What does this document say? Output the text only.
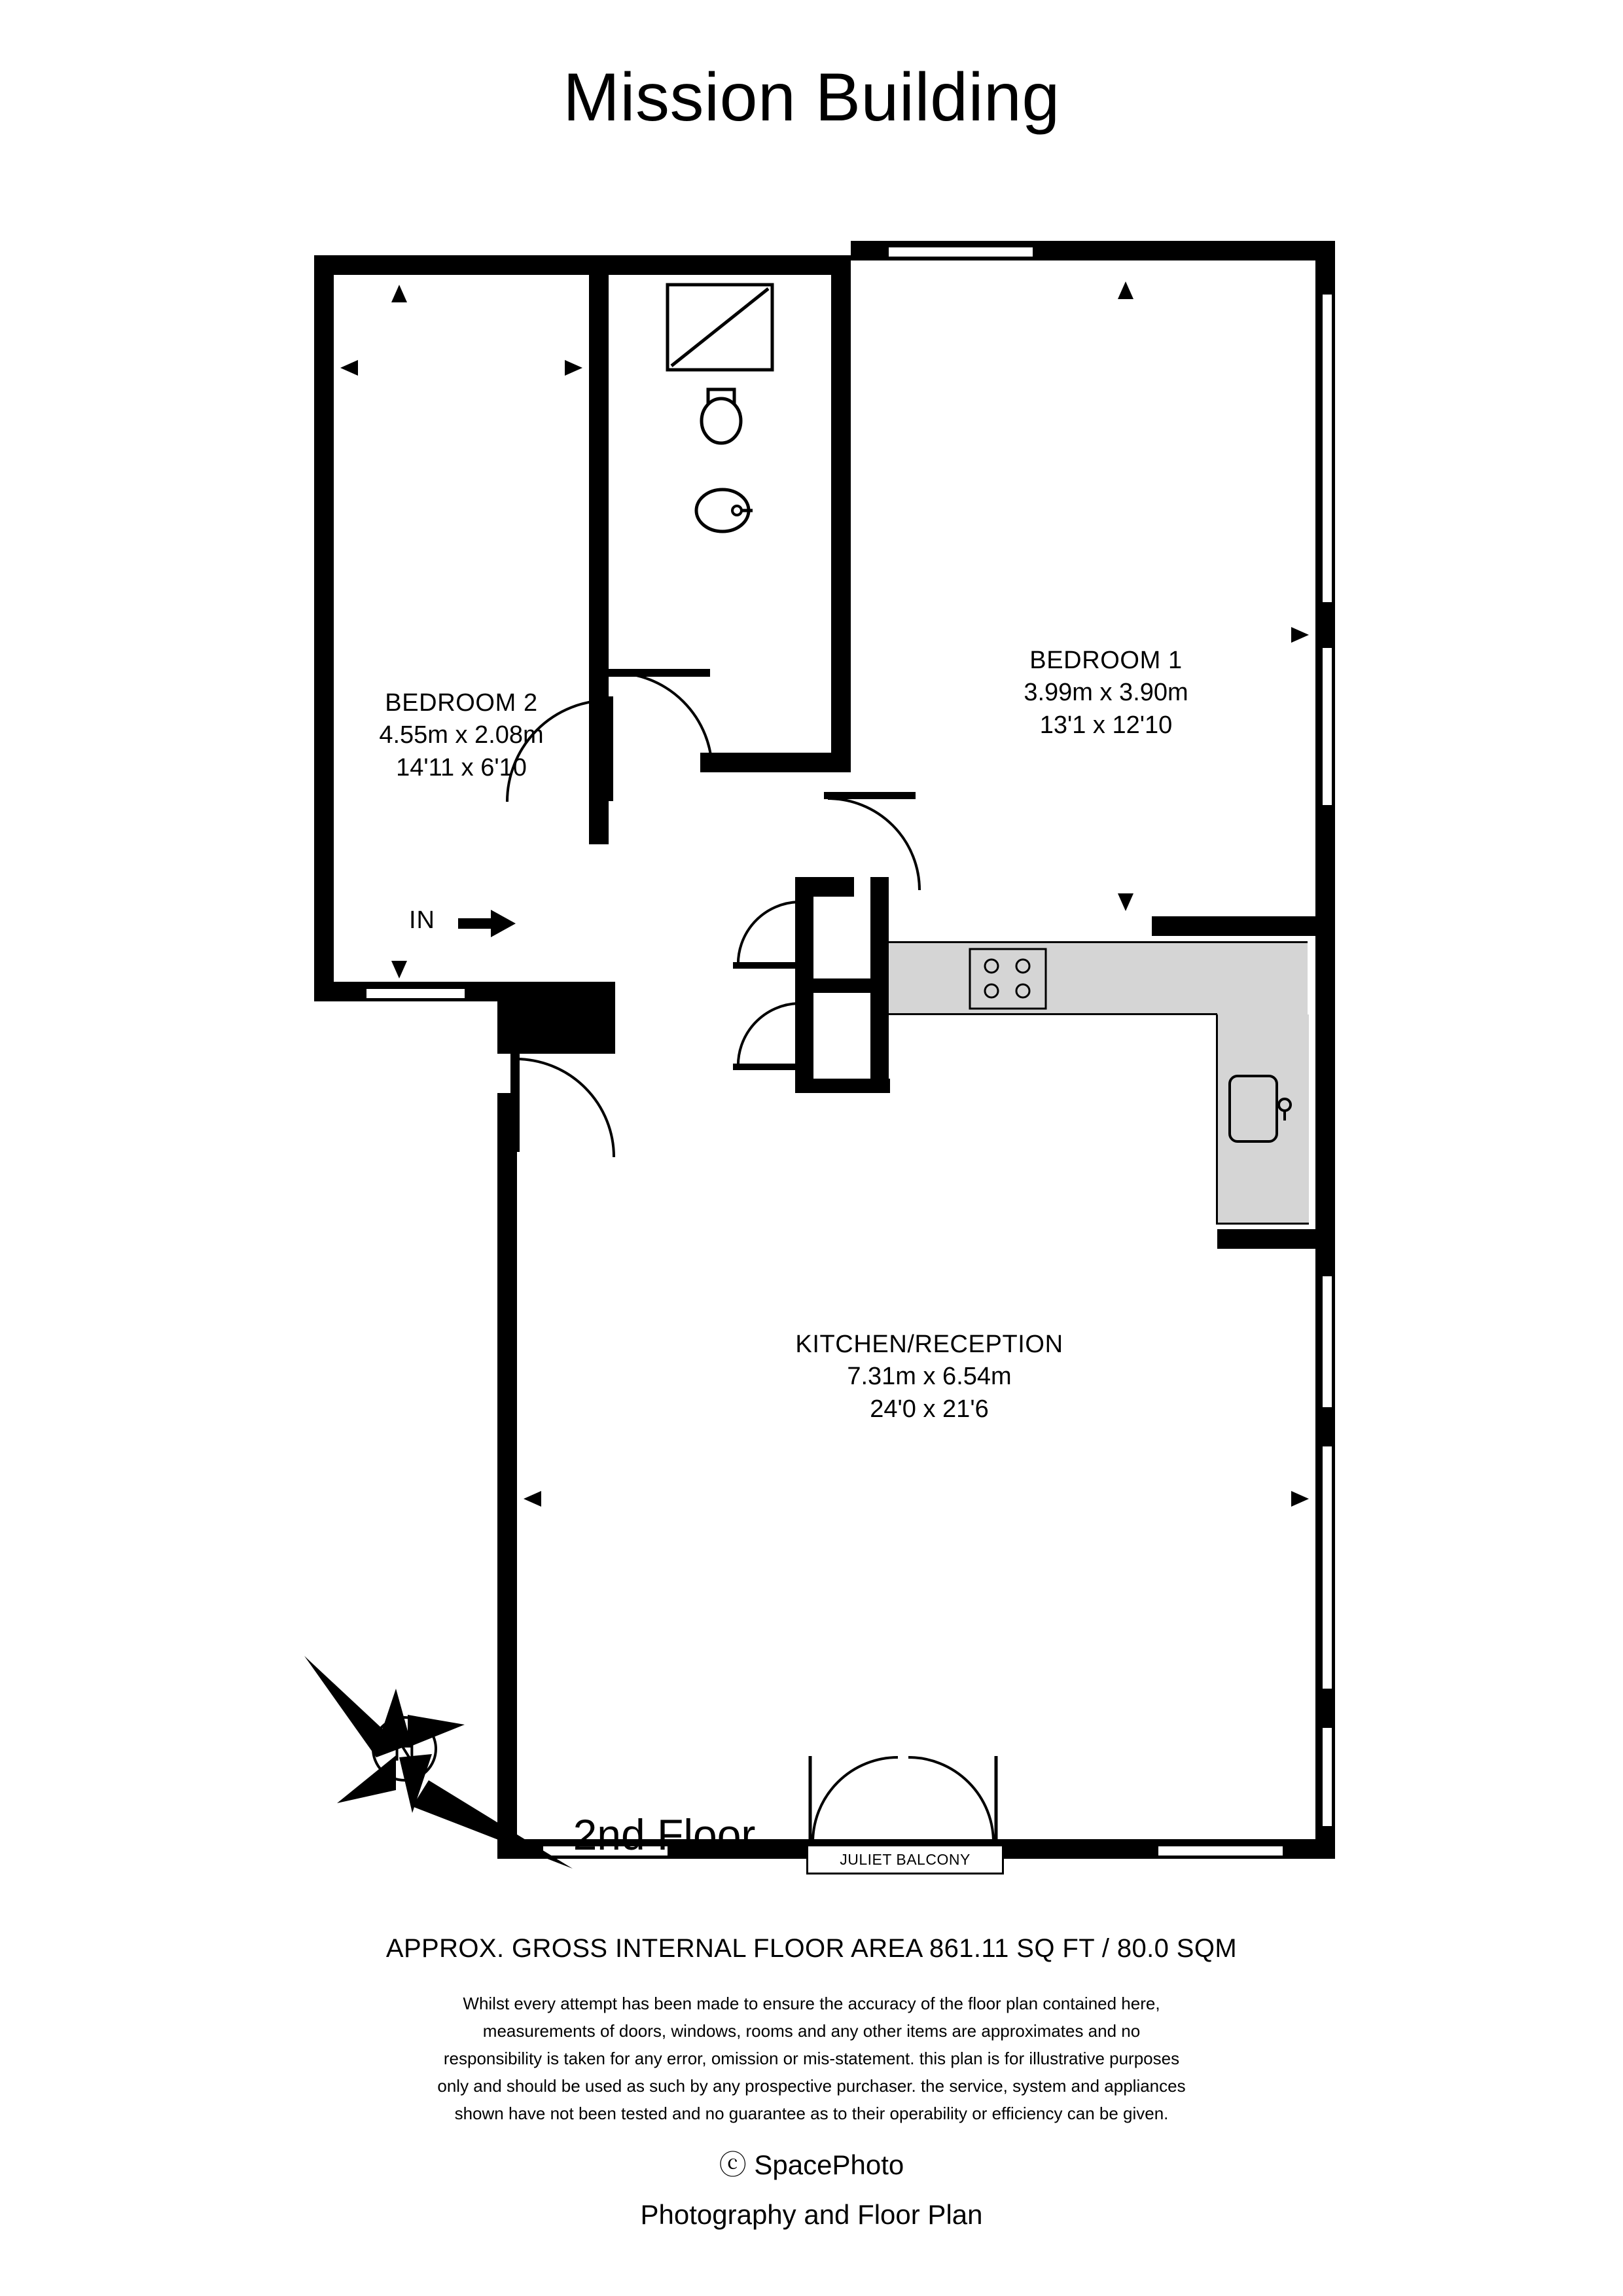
Mission Building
JULIET BALCONY
IN
BEDROOM 2
4.55m x 2.08m
14'11 x 6'10
BEDROOM 1
3.99m x 3.90m
13'1 x 12'10
KITCHEN/RECEPTION
7.31m x 6.54m
24'0 x 21'6
N
2nd Floor
APPROX. GROSS INTERNAL FLOOR AREA 861.11 SQ FT / 80.0 SQM
Whilst every attempt has been made to ensure the accuracy of the floor plan contained here,
measurements of doors, windows, rooms and any other items are approximates and no
responsibility is taken for any error, omission or mis-statement. this plan is for illustrative purposes
only and should be used as such by any prospective purchaser. the service, system and appliances
shown have not been tested and no guarantee as to their operability or efficiency can be given.
ⓒ SpacePhoto
Photography and Floor Plan
